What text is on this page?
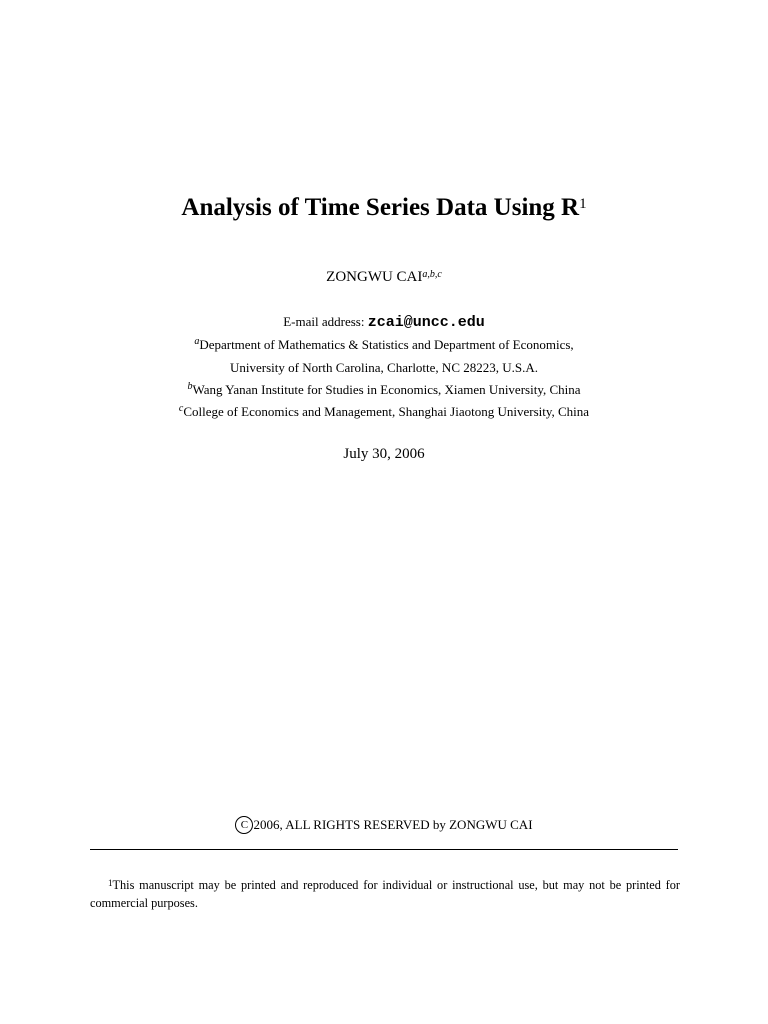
Analysis of Time Series Data Using $R^1$
ZONGWU CAI$^{a,b,c}$
E-mail address: zcai@uncc.edu
$^a$Department of Mathematics & Statistics and Department of Economics,
University of North Carolina, Charlotte, NC 28223, U.S.A.
$^b$Wang Yanan Institute for Studies in Economics, Xiamen University, China
$^c$College of Economics and Management, Shanghai Jiaotong University, China
July 30, 2006
C 2006, ALL RIGHTS RESERVED by ZONGWU CAI
$^1$This manuscript may be printed and reproduced for individual or instructional use, but may not be printed for commercial purposes.
